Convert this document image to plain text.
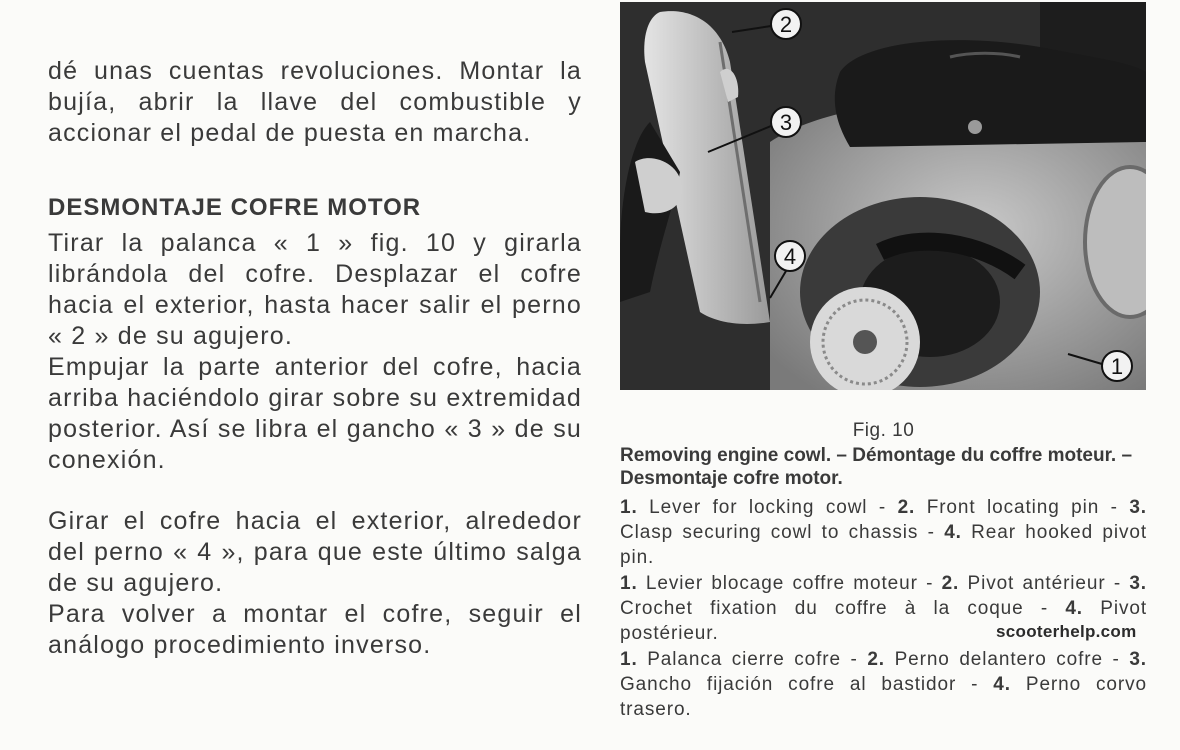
dé unas cuentas revoluciones. Montar la bujía, abrir la llave del combustible y accionar el pedal de puesta en marcha.

DESMONTAJE COFRE MOTOR

Tirar la palanca « 1 » fig. 10 y girarla librándola del cofre. Desplazar el cofre hacia el exterior, hasta hacer salir el perno « 2 » de su agujero.

Empujar la parte anterior del cofre, hacia arriba haciéndolo girar sobre su extremidad posterior. Así se libra el gancho « 3 » de su conexión.

Girar el cofre hacia el exterior, alrededor del perno « 4 », para que este último salga de su agujero.

Para volver a montar el cofre, seguir el análogo procedimiento inverso.

2
3
4
1
Fig. 10

Removing engine cowl. – Démontage du coffre moteur. – Desmontaje cofre motor.

1. Lever for locking cowl - 2. Front locating pin - 3. Clasp securing cowl to chassis - 4. Rear hooked pivot pin.

1. Levier blocage coffre moteur - 2. Pivot antérieur - 3. Crochet fixation du coffre à la coque - 4. Pivot postérieur.

1. Palanca cierre cofre - 2. Perno delantero cofre - 3. Gancho fijación cofre al bastidor - 4. Perno corvo trasero.

scooterhelp.com
